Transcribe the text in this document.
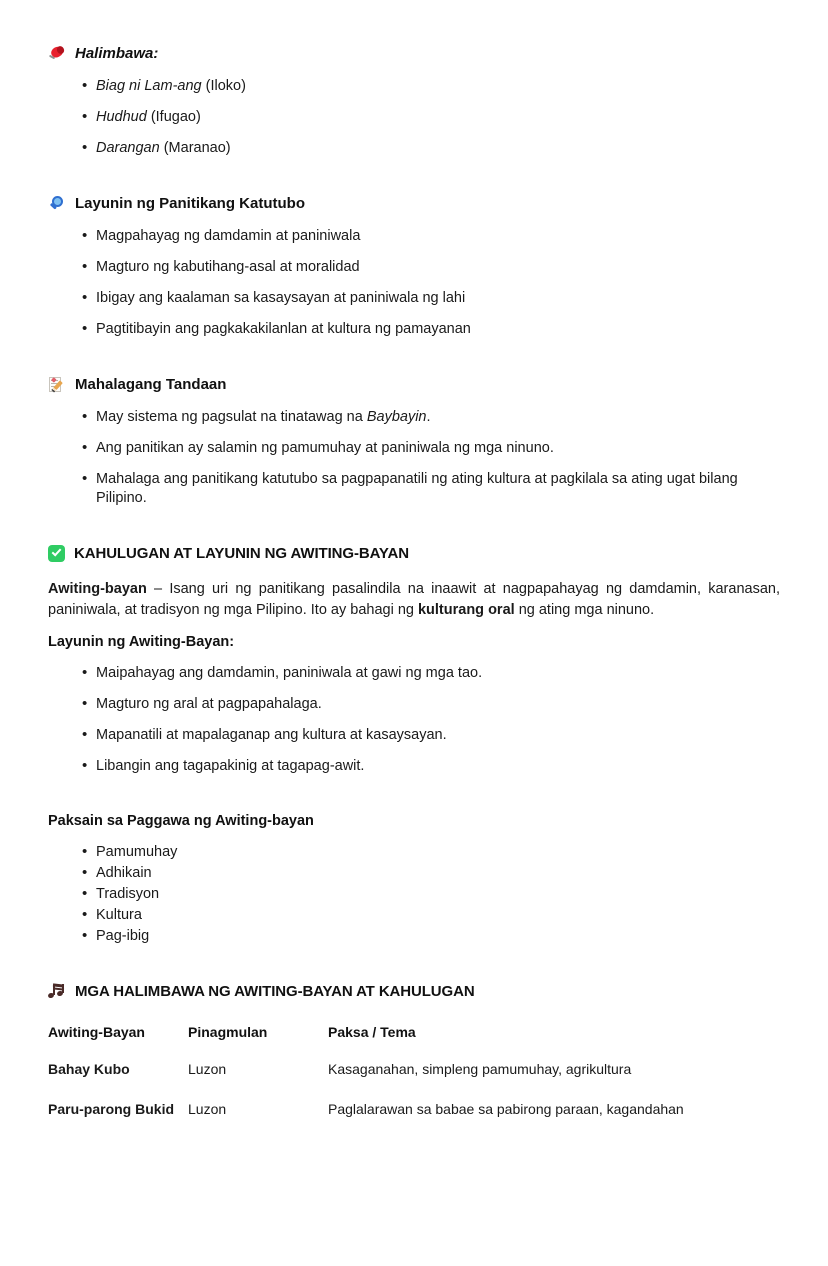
Halimbawa:
• Biag ni Lam-ang (Iloko)
• Hudhud (Ifugao)
• Darangan (Maranao)
Layunin ng Panitikang Katutubo
• Magpahayag ng damdamin at paniniwala
• Magturo ng kabutihang-asal at moralidad
• Ibigay ang kaalaman sa kasaysayan at paniniwala ng lahi
• Pagtitibayin ang pagkakakilanlan at kultura ng pamayanan
Mahalagang Tandaan
• May sistema ng pagsulat na tinatawag na Baybayin.
• Ang panitikan ay salamin ng pamumuhay at paniniwala ng mga ninuno.
• Mahalaga ang panitikang katutubo sa pagpapanatili ng ating kultura at pagkilala sa ating ugat bilang Pilipino.
KAHULUGAN AT LAYUNIN NG AWITING-BAYAN

Awiting-bayan – Isang uri ng panitikang pasalindila na inaawit at nagpapahayag ng damdamin, karanasan, paniniwala, at tradisyon ng mga Pilipino. Ito ay bahagi ng kulturang oral ng ating mga ninuno.

Layunin ng Awiting-Bayan:
• Maipahayag ang damdamin, paniniwala at gawi ng mga tao.
• Magturo ng aral at pagpapahalaga.
• Mapanatili at mapalaganap ang kultura at kasaysayan.
• Libangin ang tagapakinig at tagapag-awit.
Paksain sa Paggawa ng Awiting-bayan
• Pamumuhay
• Adhikain
• Tradisyon
• Kultura
• Pag-ibig
MGA HALIMBAWA NG AWITING-BAYAN AT KAHULUGAN
Awiting-Bayan	Pinagmulan	Paksa / Tema
Bahay Kubo	Luzon	Kasaganahan, simpleng pamumuhay, agrikultura
Paru-parong Bukid	Luzon	Paglalarawan sa babae sa pabirong paraan, kagandahan
